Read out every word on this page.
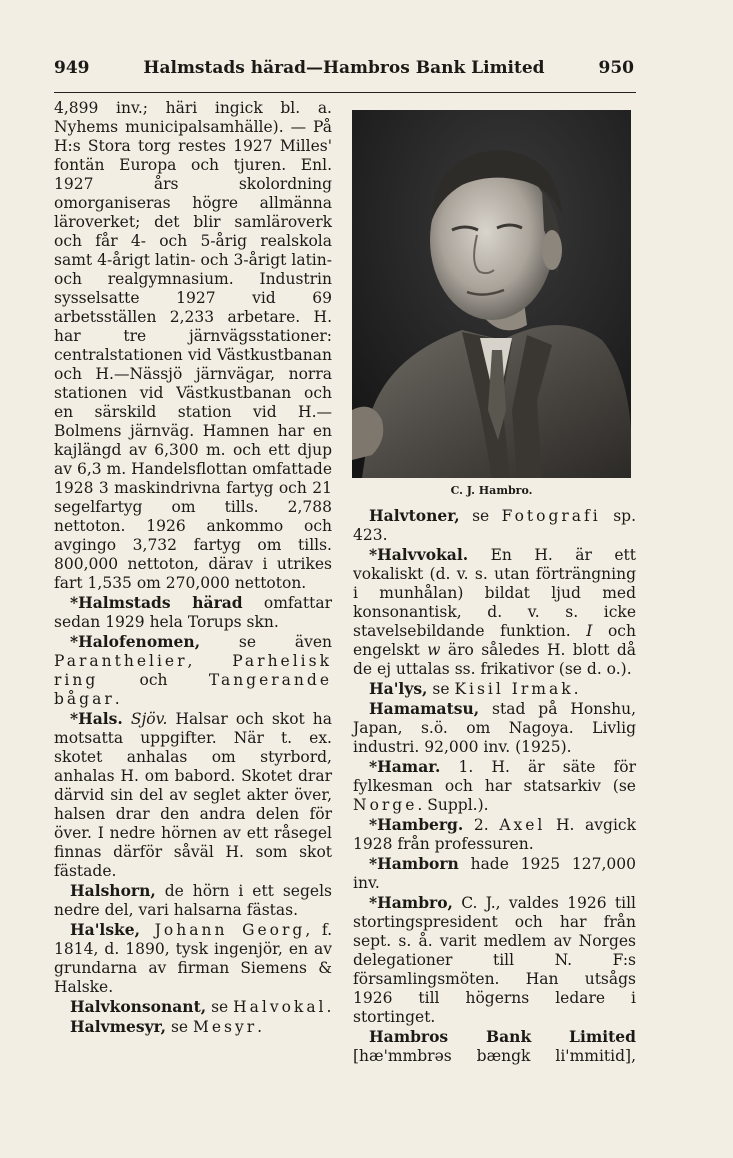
949	Halmstads härad—Hambros Bank Limited	950

4,899 inv.; häri ingick bl. a. Nyhems municipalsamhälle). — På H:s Stora torg restes 1927 Milles' fontän Europa och tjuren. Enl. 1927 års skolordning omorganiseras högre allmänna läroverket; det blir samläroverk och får 4- och 5-årig realskola samt 4-årigt latin- och 3-årigt latin- och realgymnasium. Industrin sysselsatte 1927 vid 69 arbetsställen 2,233 arbetare. H. har tre järnvägsstationer: centralstationen vid Västkustbanan och H.—Nässjö järnvägar, norra stationen vid Västkustbanan och en särskild station vid H.—Bolmens järnväg. Hamnen har en kajlängd av 6,300 m. och ett djup av 6,3 m. Handelsflottan omfattade 1928 3 maskindrivna fartyg och 21 segelfartyg om tills. 2,788 nettoton. 1926 ankommo och avgingo 3,732 fartyg om tills. 800,000 nettoton, därav i utrikes fart 1,535 om 270,000 nettoton.

*Halmstads härad omfattar sedan 1929 hela Torups skn.

*Halofenomen, se även Paranthelier, Parhelisk ring och Tangerande bågar.

*Hals. Sjöv. Halsar och skot ha motsatta uppgifter. När t. ex. skotet anhalas om styrbord, anhalas H. om babord. Skotet drar därvid sin del av seglet akter över, halsen drar den andra delen för över. I nedre hörnen av ett råsegel finnas därför såväl H. som skot fästade.

Halshorn, de hörn i ett segels nedre del, vari halsarna fästas.

Ha'lske, Johann Georg, f. 1814, d. 1890, tysk ingenjör, en av grundarna av firman Siemens & Halske.

Halvkonsonant, se Halvokal.

Halvmesyr, se Mesyr.

C. J. Hambro.

Halvtoner, se Fotografi sp. 423.

*Halvvokal. En H. är ett vokaliskt (d. v. s. utan förträngning i munhålan) bildat ljud med konsonantisk, d. v. s. icke stavelsebildande funktion. I och engelskt w äro således H. blott då de ej uttalas ss. frikativor (se d. o.).

Ha'lys, se Kisil Irmak.

Hamamatsu, stad på Honshu, Japan, s.ö. om Nagoya. Livlig industri. 92,000 inv. (1925).

*Hamar. 1. H. är säte för fylkesman och har statsarkiv (se Norge. Suppl.).

*Hamberg. 2. Axel H. avgick 1928 från professuren.

*Hamborn hade 1925 127,000 inv.

*Hambro, C. J., valdes 1926 till stortingspresident och har från sept. s. å. varit medlem av Norges delegationer till N. F:s församlingsmöten. Han utsågs 1926 till högerns ledare i stortinget.

Hambros Bank Limited

[hæ'mmbrəs bængk li'mmitid],
